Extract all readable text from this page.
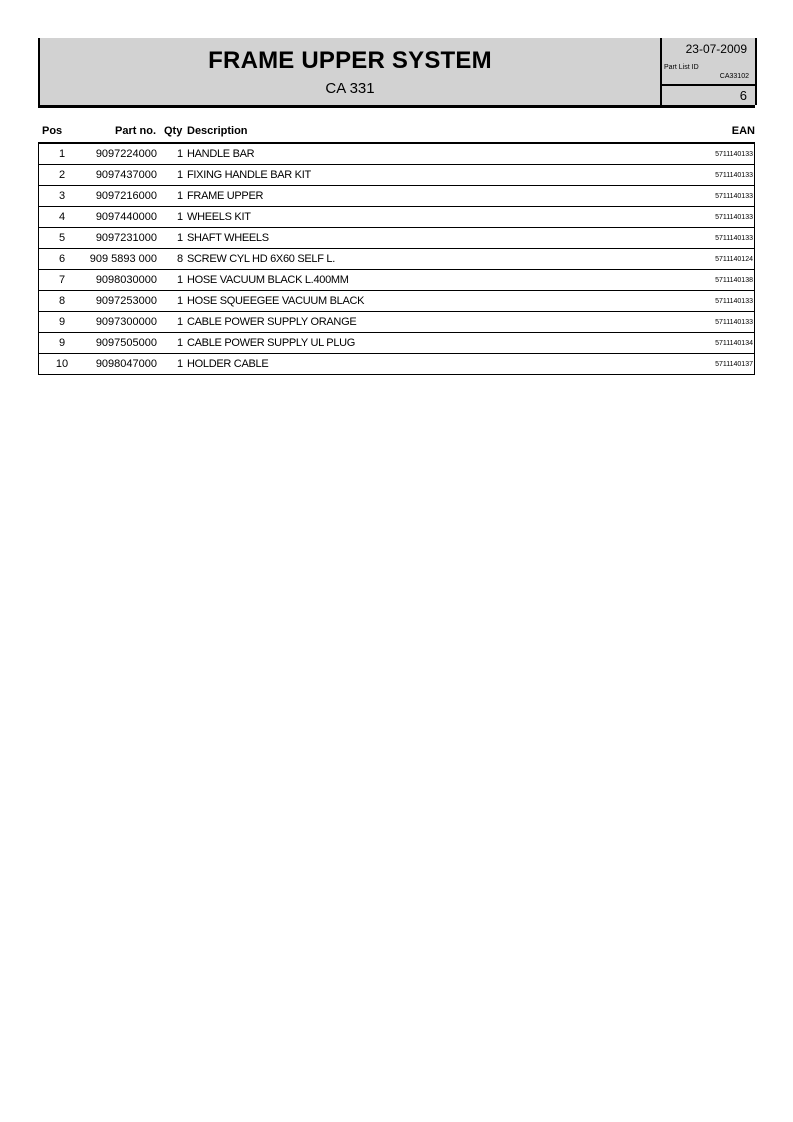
FRAME UPPER SYSTEM
CA 331
23-07-2009
Part List ID
CA33102
6
Pos	Part no. Qty Description	EAN
1	9097224000 1 HANDLE BAR	5711140133
2	9097437000 1 FIXING HANDLE BAR KIT	5711140133
3	9097216000 1 FRAME UPPER	5711140133
4	9097440000 1 WHEELS KIT	5711140133
5	9097231000 1 SHAFT WHEELS	5711140133
6	909 5893 000 8 SCREW CYL HD 6X60 SELF L.	5711140124
7	9098030000 1 HOSE VACUUM BLACK L.400MM	5711140138
8	9097253000 1 HOSE SQUEEGEE VACUUM BLACK	5711140133
9	9097300000 1 CABLE POWER SUPPLY ORANGE	5711140133
9	9097505000 1 CABLE POWER SUPPLY UL PLUG	5711140134
10	9098047000 1 HOLDER CABLE	5711140137
